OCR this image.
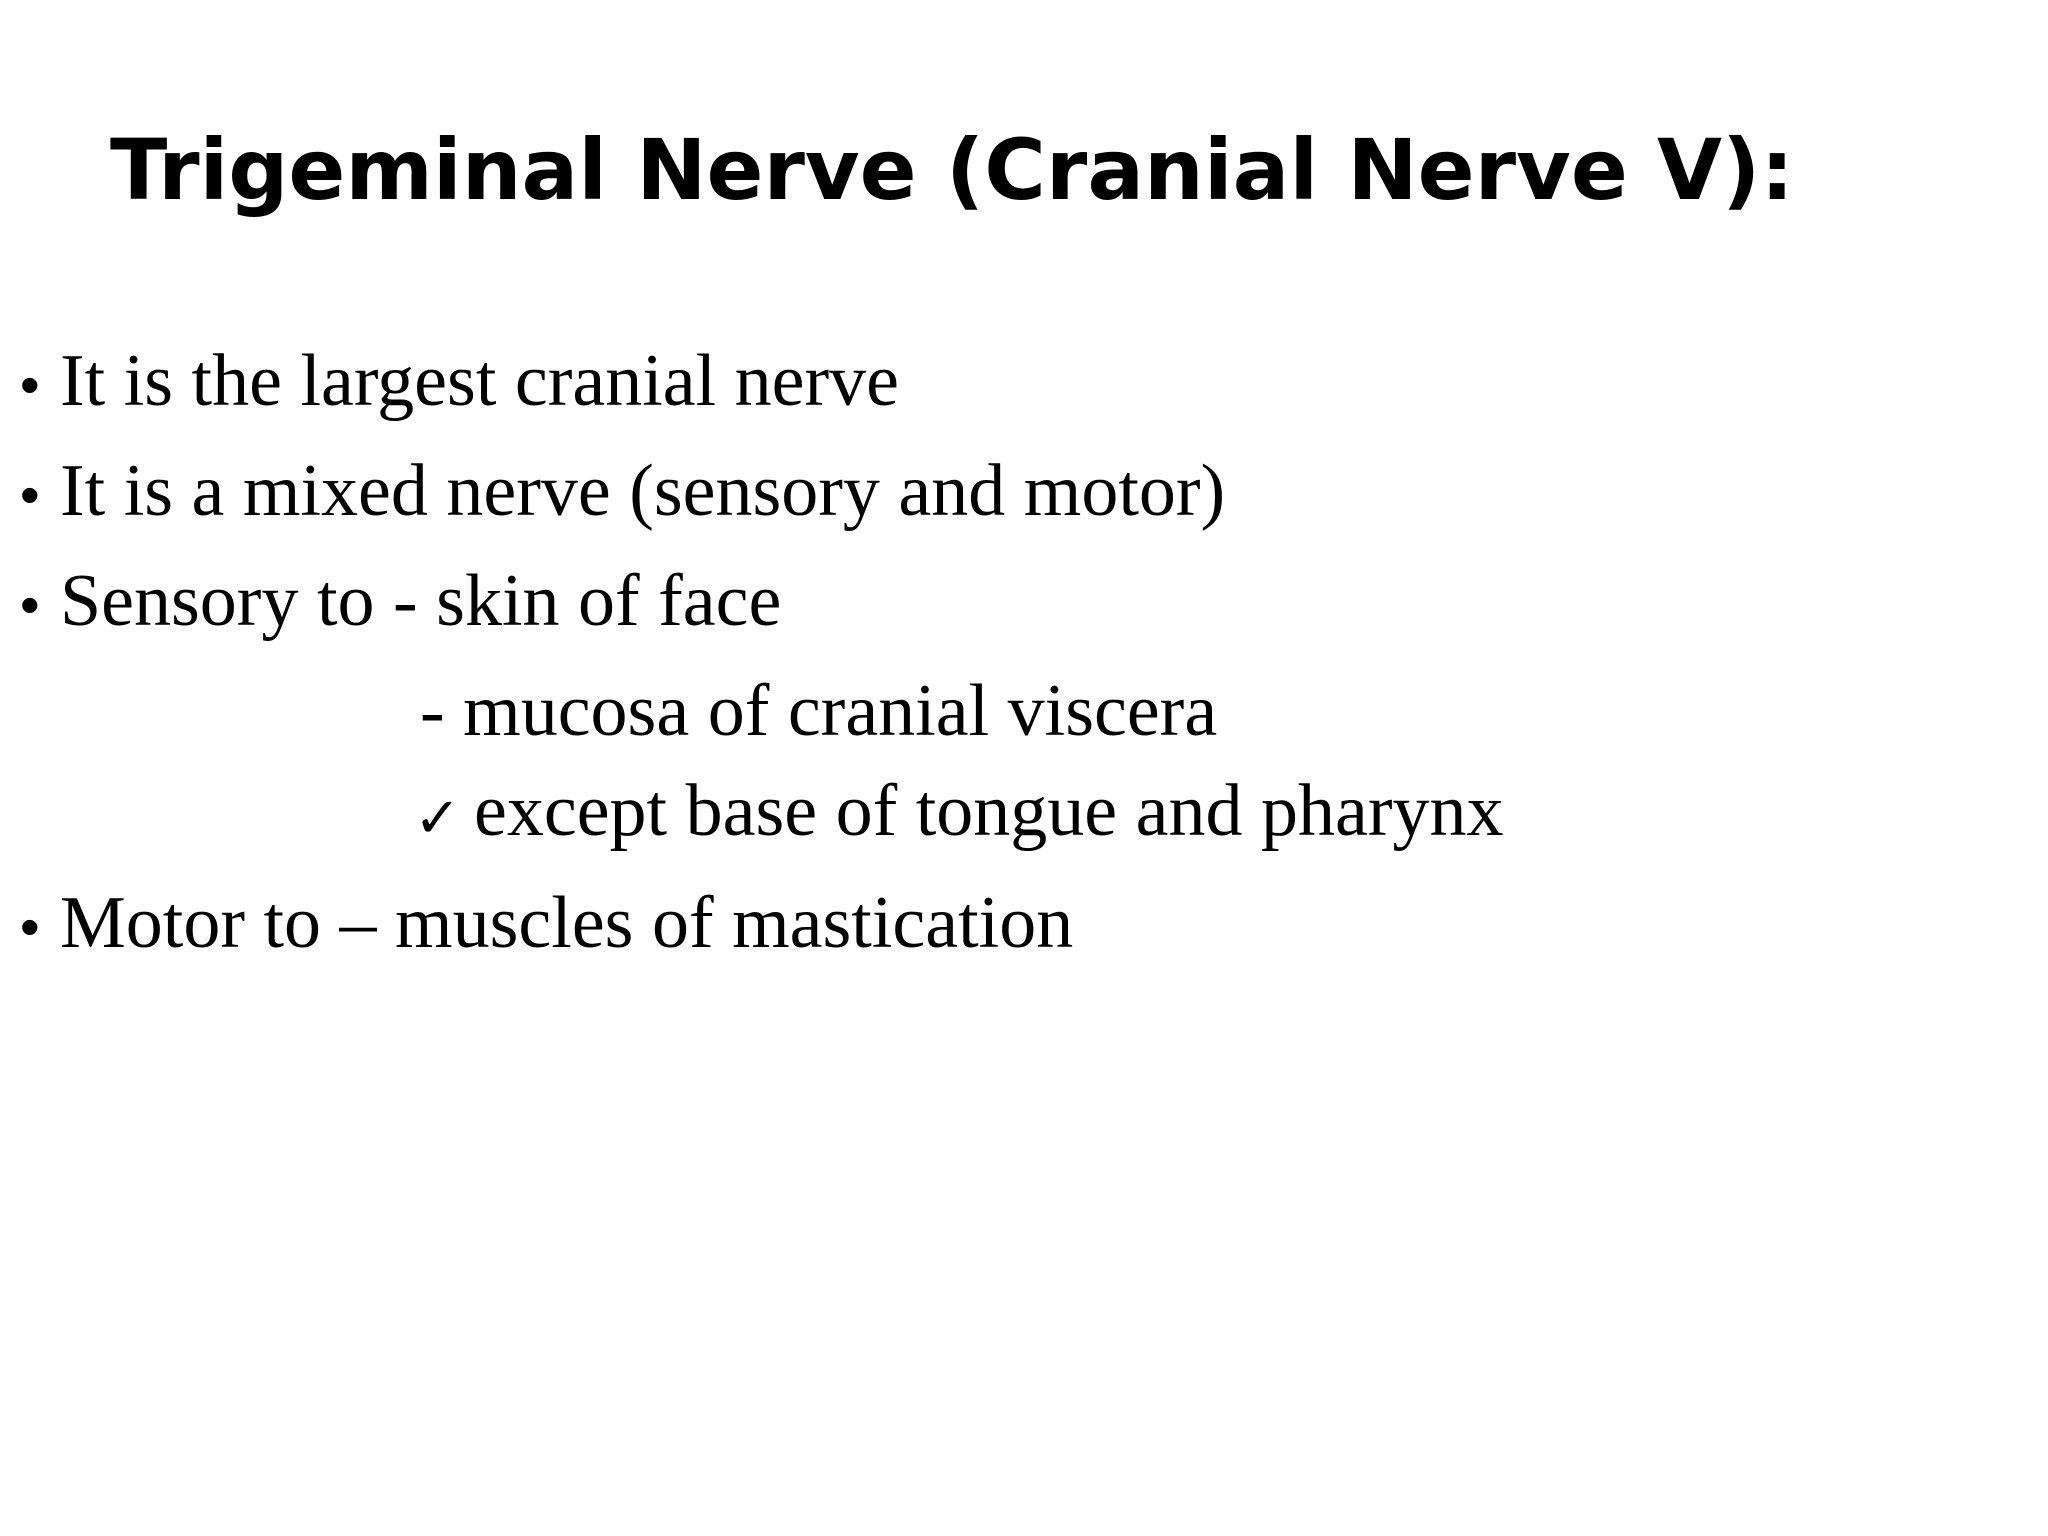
Trigeminal Nerve (Cranial Nerve V):
• It is the largest cranial nerve
• It is a mixed nerve (sensory and motor)
• Sensory to - skin of face
- mucosa of cranial viscera
✓ except base of tongue and pharynx
• Motor to – muscles of mastication
